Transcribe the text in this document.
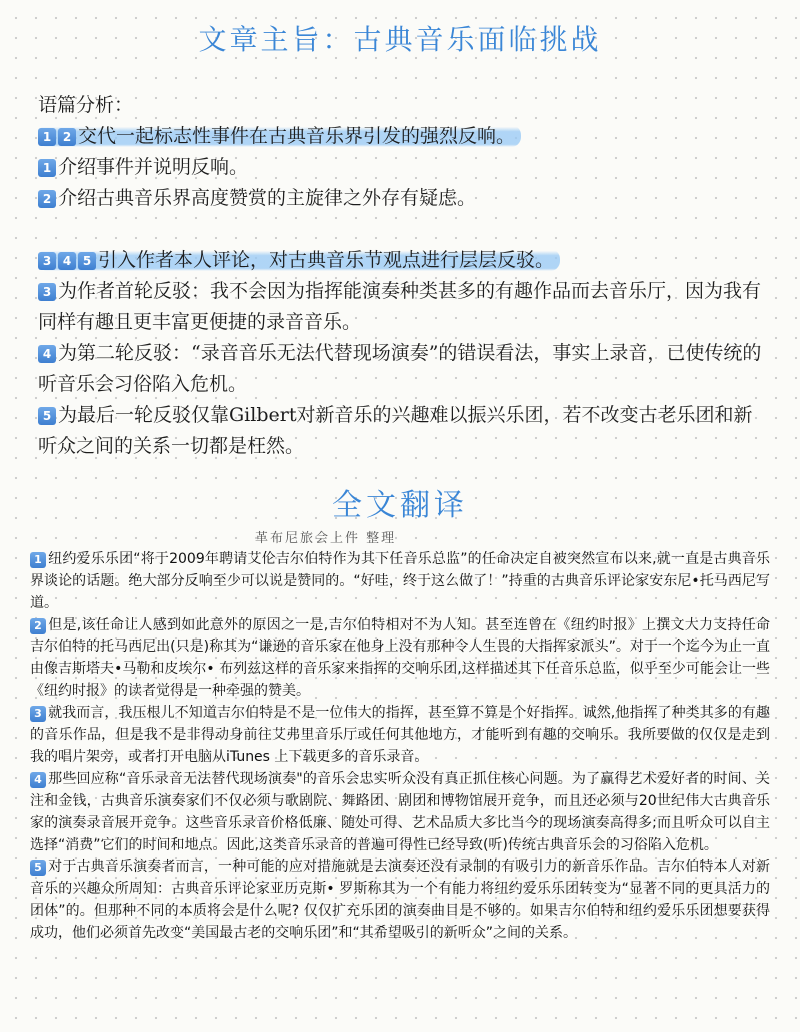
文章主旨：古典音乐面临挑战
语篇分析：
1 2 交代一起标志性事件在古典音乐界引发的强烈反响。
1 介绍事件并说明反响。
2 介绍古典音乐界高度赞赏的主旋律之外存有疑虑。
3 4 5 引入作者本人评论，对古典音乐节观点进行层层反驳。
3 为作者首轮反驳：我不会因为指挥能演奏种类甚多的有趣作品而去音乐厅，因为我有同样有趣且更丰富更便捷的录音音乐。
4 为第二轮反驳：“录音音乐无法代替现场演奏”的错误看法，事实上录音，已使传统的听音乐会习俗陷入危机。
5 为最后一轮反驳仅靠Gilbert对新音乐的兴趣难以振兴乐团，若不改变古老乐团和新听众之间的关系一切都是枉然。
全文翻译
革布尼旅会上件 整理

1 纽约爱乐乐团“将于2009年聘请艾伦吉尔伯特作为其下任音乐总监”的任命决定自被突然宣布以来,就一直是古典音乐界谈论的话题。绝大部分反响至少可以说是赞同的。“好哇，终于这么做了！”持重的古典音乐评论家安东尼•托马西尼写道。

2 但是,该任命让人感到如此意外的原因之一是,吉尔伯特相对不为人知。甚至连曾在《纽约时报》上撰文大力支持任命吉尔伯特的托马西尼出(只是)称其为“谦逊的音乐家在他身上没有那种令人生畏的大指挥家派头”。对于一个迄今为止一直由像吉斯塔夫•马勒和皮埃尔• 布列兹这样的音乐家来指挥的交响乐团,这样描述其下任音乐总监，似乎至少可能会让一些《纽约时报》的读者觉得是一种牵强的赞美。

3 就我而言，我压根儿不知道吉尔伯特是不是一位伟大的指挥，甚至算不算是个好指挥。诚然,他指挥了种类其多的有趣的音乐作品，但是我不是非得动身前往艾弗里音乐厅或任何其他地方，才能听到有趣的交响乐。我所要做的仅仅是走到我的唱片架旁，或者打开电脑从iTunes 上下载更多的音乐录音。

4 那些回应称“音乐录音无法替代现场演奏"的音乐会忠实听众没有真正抓住核心问题。为了赢得艺术爱好者的时间、关注和金钱，古典音乐演奏家们不仅必须与歌剧院、舞路团、剧团和博物馆展开竞争，而且还必须与20世纪伟大古典音乐家的演奏录音展开竞争。这些音乐录音价格低廉、随处可得、艺术品质大多比当今的现场演奏高得多;而且听众可以自主选择“消费”它们的时间和地点。因此,这类音乐录音的普遍可得性已经导致(听)传统古典音乐会的习俗陷入危机。

5 对于古典音乐演奏者而言，一种可能的应对措施就是去演奏还没有录制的有吸引力的新音乐作品。吉尔伯特本人对新音乐的兴趣众所周知：古典音乐评论家亚历克斯• 罗斯称其为一个有能力将纽约爱乐乐团转变为“显著不同的更具活力的团体”的。但那种不同的本质将会是什么呢? 仅仅扩充乐团的演奏曲目是不够的。如果吉尔伯特和纽约爱乐乐团想要获得成功，他们必须首先改变“美国最古老的交响乐团”和“其希望吸引的新听众”之间的关系。
